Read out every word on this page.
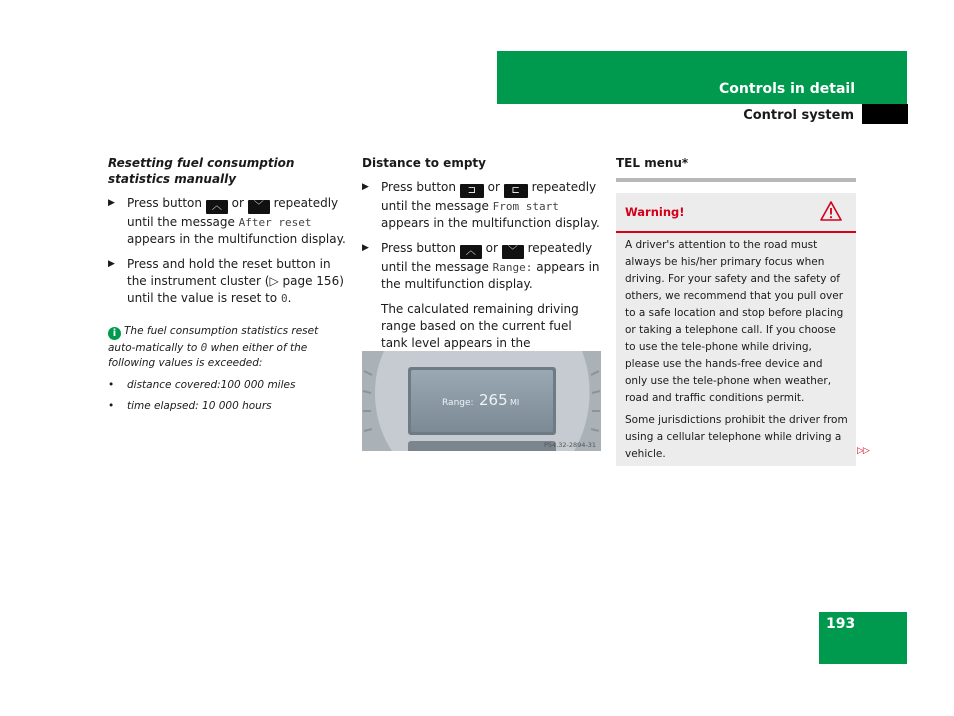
Controls in detail
Control system
Resetting fuel consumption statistics manually
▶ Press button ︿ or ﹀ repeatedly until the message After reset appears in the multifunction display.
▶ Press and hold the reset button in the instrument cluster (▷ page 156) until the value is reset to 0.
i The fuel consumption statistics reset auto-matically to 0 when either of the following values is exceeded:
• distance covered:100 000 miles
• time elapsed: 10 000 hours
Distance to empty
▶ Press button ⊐ or ⊏ repeatedly until the message From start appears in the multifunction display.
▶ Press button ︿ or ﹀ repeatedly until the message Range: appears in the multifunction display.
The calculated remaining driving range based on the current fuel tank level appears in the
Range: 265 MI
P54.32-2894-31
TEL menu*
Warning!

A driver's attention to the road must always be his/her primary focus when driving. For your safety and the safety of others, we recommend that you pull over to a safe location and stop before placing or taking a telephone call. If you choose to use the tele-phone while driving, please use the hands-free device and only use the tele-phone when weather, road and traffic conditions permit.

Some jurisdictions prohibit the driver from using a cellular telephone while driving a vehicle.	▷▷
193
